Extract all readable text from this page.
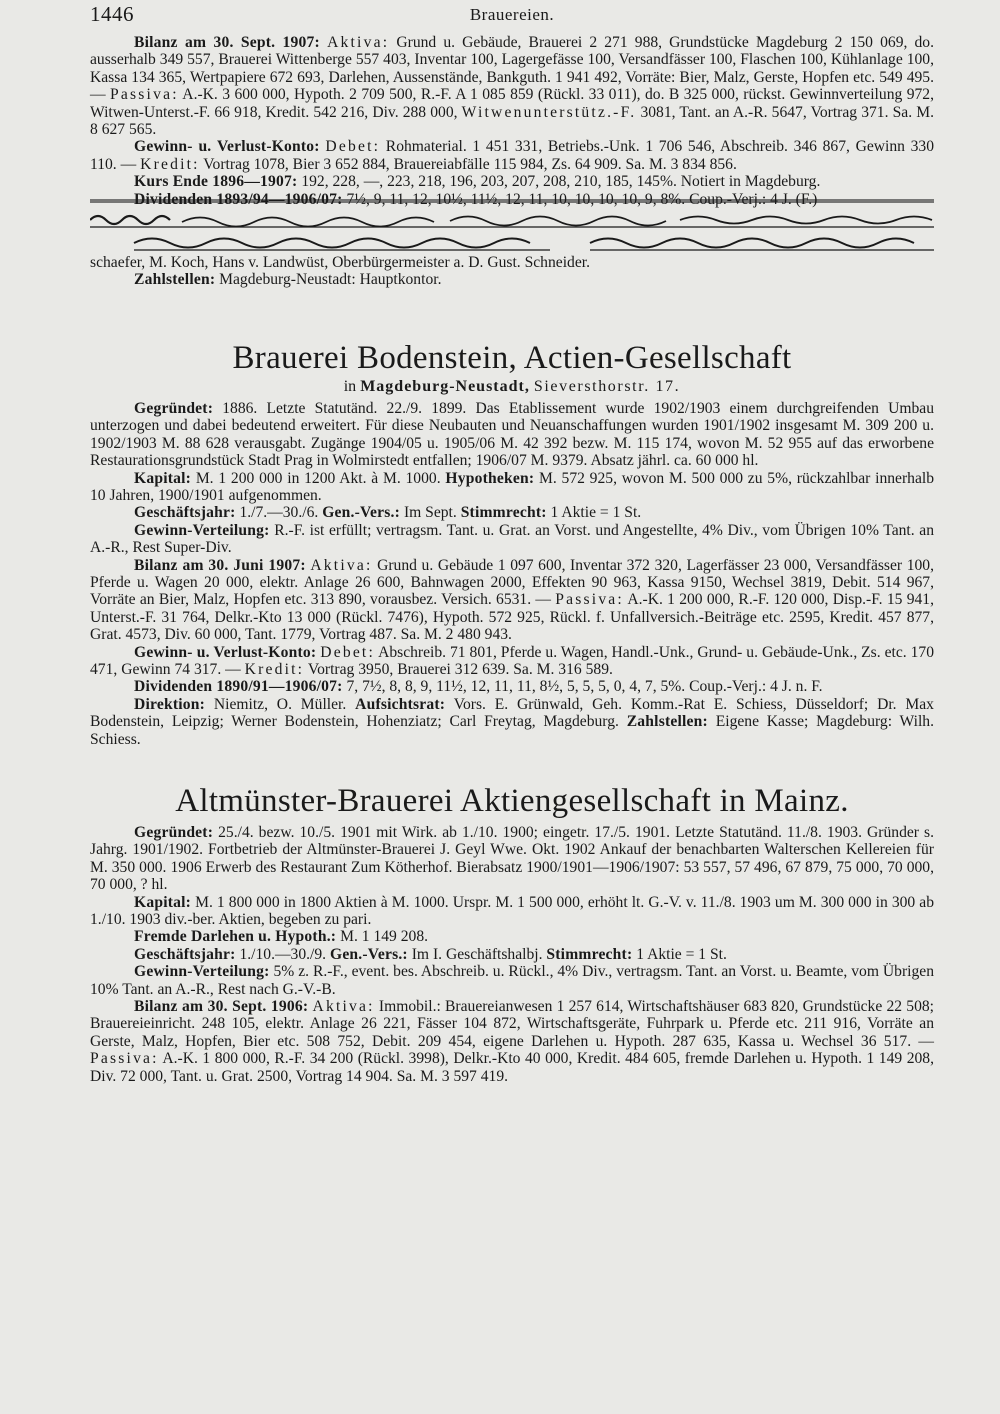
1446	Brauereien.

Bilanz am 30. Sept. 1907: Aktiva: Grund u. Gebäude, Brauerei 2 271 988, Grundstücke Magdeburg 2 150 069, do. ausserhalb 349 557, Brauerei Wittenberge 557 403, Inventar 100, Lagergefässe 100, Versandfässer 100, Flaschen 100, Kühlanlage 100, Kassa 134 365, Wertpapiere 672 693, Darlehen, Aussenstände, Bankguth. 1 941 492, Vorräte: Bier, Malz, Gerste, Hopfen etc. 549 495. — Passiva: A.-K. 3 600 000, Hypoth. 2 709 500, R.-F. A 1 085 859 (Rückl. 33 011), do. B 325 000, rückst. Gewinnverteilung 972, Witwen-Unterst.-F. 66 918, Kredit. 542 216, Div. 288 000, Witwenunterstütz.-F. 3081, Tant. an A.-R. 5647, Vortrag 371. Sa. M. 8 627 565.

Gewinn- u. Verlust-Konto: Debet: Rohmaterial. 1 451 331, Betriebs.-Unk. 1 706 546, Abschreib. 346 867, Gewinn 330 110. — Kredit: Vortrag 1078, Bier 3 652 884, Brauereiabfälle 115 984, Zs. 64 909. Sa. M. 3 834 856.

Kurs Ende 1896—1907: 192, 228, —, 223, 218, 196, 203, 207, 208, 210, 185, 145%. Notiert in Magdeburg.

schaefer, M. Koch, Hans v. Landwüst, Oberbürgermeister a. D. Gust. Schneider.

Zahlstellen: Magdeburg-Neustadt: Hauptkontor.

Brauerei Bodenstein, Actien-Gesellschaft

in Magdeburg-Neustadt, Sieversthorstr. 17.

Gegründet: 1886. Letzte Statutänd. 22./9. 1899. Das Etablissement wurde 1902/1903 einem durchgreifenden Umbau unterzogen und dabei bedeutend erweitert. Für diese Neubauten und Neuanschaffungen wurden 1901/1902 insgesamt M. 309 200 u. 1902/1903 M. 88 628 verausgabt. Zugänge 1904/05 u. 1905/06 M. 42 392 bezw. M. 115 174, wovon M. 52 955 auf das erworbene Restaurationsgrundstück Stadt Prag in Wolmirstedt entfallen; 1906/07 M. 9379. Absatz jährl. ca. 60 000 hl.

Kapital: M. 1 200 000 in 1200 Akt. à M. 1000. Hypotheken: M. 572 925, wovon M. 500 000 zu 5%, rückzahlbar innerhalb 10 Jahren, 1900/1901 aufgenommen.

Geschäftsjahr: 1./7.—30./6. Gen.-Vers.: Im Sept. Stimmrecht: 1 Aktie = 1 St.

Gewinn-Verteilung: R.-F. ist erfüllt; vertragsm. Tant. u. Grat. an Vorst. und Angestellte, 4% Div., vom Übrigen 10% Tant. an A.-R., Rest Super-Div.

Bilanz am 30. Juni 1907: Aktiva: Grund u. Gebäude 1 097 600, Inventar 372 320, Lagerfässer 23 000, Versandfässer 100, Pferde u. Wagen 20 000, elektr. Anlage 26 600, Bahnwagen 2000, Effekten 90 963, Kassa 9150, Wechsel 3819, Debit. 514 967, Vorräte an Bier, Malz, Hopfen etc. 313 890, vorausbez. Versich. 6531. — Passiva: A.-K. 1 200 000, R.-F. 120 000, Disp.-F. 15 941, Unterst.-F. 31 764, Delkr.-Kto 13 000 (Rückl. 7476), Hypoth. 572 925, Rückl. f. Unfallversich.-Beiträge etc. 2595, Kredit. 457 877, Grat. 4573, Div. 60 000, Tant. 1779, Vortrag 487. Sa. M. 2 480 943.

Gewinn- u. Verlust-Konto: Debet: Abschreib. 71 801, Pferde u. Wagen, Handl.-Unk., Grund- u. Gebäude-Unk., Zs. etc. 170 471, Gewinn 74 317. — Kredit: Vortrag 3950, Brauerei 312 639. Sa. M. 316 589.

Dividenden 1890/91—1906/07: 7, 7½, 8, 8, 9, 11½, 12, 11, 11, 8½, 5, 5, 5, 0, 4, 7, 5%. Coup.-Verj.: 4 J. n. F.

Direktion: Niemitz, O. Müller. Aufsichtsrat: Vors. E. Grünwald, Geh. Komm.-Rat E. Schiess, Düsseldorf; Dr. Max Bodenstein, Leipzig; Werner Bodenstein, Hohenziatz; Carl Freytag, Magdeburg. Zahlstellen: Eigene Kasse; Magdeburg: Wilh. Schiess.

Altmünster-Brauerei Aktiengesellschaft in Mainz.

Gegründet: 25./4. bezw. 10./5. 1901 mit Wirk. ab 1./10. 1900; eingetr. 17./5. 1901. Letzte Statutänd. 11./8. 1903. Gründer s. Jahrg. 1901/1902. Fortbetrieb der Altmünster-Brauerei J. Geyl Wwe. Okt. 1902 Ankauf der benachbarten Walterschen Kellereien für M. 350 000. 1906 Erwerb des Restaurant Zum Kötherhof. Bierabsatz 1900/1901—1906/1907: 53 557, 57 496, 67 879, 75 000, 70 000, 70 000, ? hl.

Kapital: M. 1 800 000 in 1800 Aktien à M. 1000. Urspr. M. 1 500 000, erhöht lt. G.-V. v. 11./8. 1903 um M. 300 000 in 300 ab 1./10. 1903 div.-ber. Aktien, begeben zu pari.

Fremde Darlehen u. Hypoth.: M. 1 149 208.

Geschäftsjahr: 1./10.—30./9. Gen.-Vers.: Im I. Geschäftshalbj. Stimmrecht: 1 Aktie = 1 St.

Gewinn-Verteilung: 5% z. R.-F., event. bes. Abschreib. u. Rückl., 4% Div., vertragsm. Tant. an Vorst. u. Beamte, vom Übrigen 10% Tant. an A.-R., Rest nach G.-V.-B.

Bilanz am 30. Sept. 1906: Aktiva: Immobil.: Brauereianwesen 1 257 614, Wirtschaftshäuser 683 820, Grundstücke 22 508; Brauereieinricht. 248 105, elektr. Anlage 26 221, Fässer 104 872, Wirtschaftsgeräte, Fuhrpark u. Pferde etc. 211 916, Vorräte an Gerste, Malz, Hopfen, Bier etc. 508 752, Debit. 209 454, eigene Darlehen u. Hypoth. 287 635, Kassa u. Wechsel 36 517. — Passiva: A.-K. 1 800 000, R.-F. 34 200 (Rückl. 3998), Delkr.-Kto 40 000, Kredit. 484 605, fremde Darlehen u. Hypoth. 1 149 208, Div. 72 000, Tant. u. Grat. 2500, Vortrag 14 904. Sa. M. 3 597 419.
